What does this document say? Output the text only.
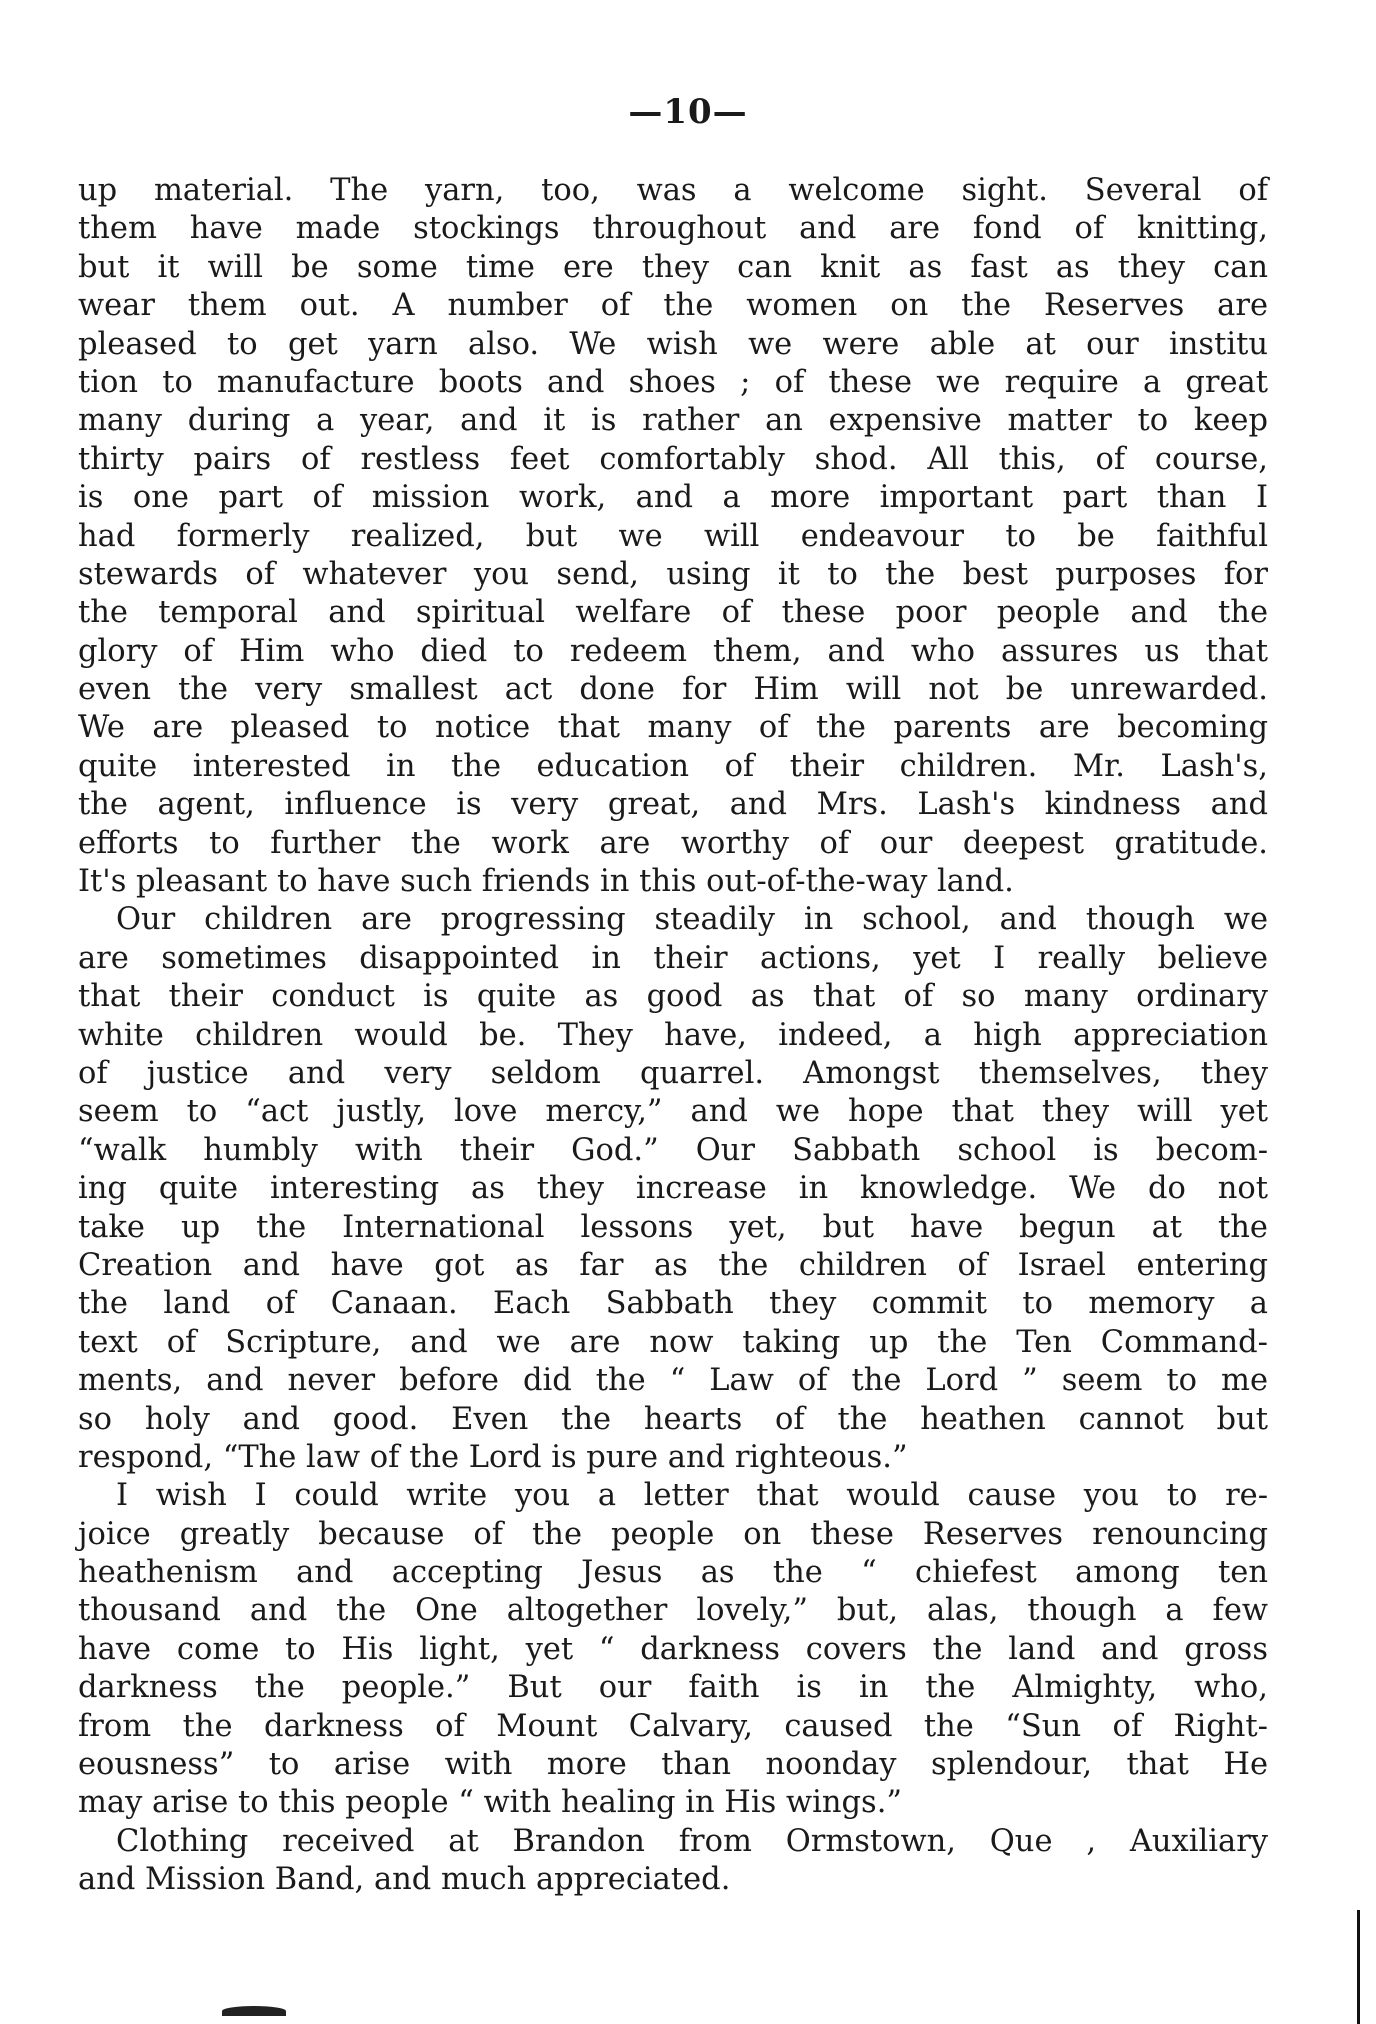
—10—
up material. The yarn, too, was a welcome sight. Several of
them have made stockings throughout and are fond of knitting,
but it will be some time ere they can knit as fast as they can
wear them out. A number of the women on the Reserves are
pleased to get yarn also. We wish we were able at our institu
tion to manufacture boots and shoes ; of these we require a great
many during a year, and it is rather an expensive matter to keep
thirty pairs of restless feet comfortably shod. All this, of course,
is one part of mission work, and a more important part than I
had formerly realized, but we will endeavour to be faithful
stewards of whatever you send, using it to the best purposes for
the temporal and spiritual welfare of these poor people and the
glory of Him who died to redeem them, and who assures us that
even the very smallest act done for Him will not be unrewarded.
We are pleased to notice that many of the parents are becoming
quite interested in the education of their children. Mr. Lash's,
the agent, influence is very great, and Mrs. Lash's kindness and
efforts to further the work are worthy of our deepest gratitude.
It's pleasant to have such friends in this out-of-the-way land.
Our children are progressing steadily in school, and though we
are sometimes disappointed in their actions, yet I really believe
that their conduct is quite as good as that of so many ordinary
white children would be. They have, indeed, a high appreciation
of justice and very seldom quarrel. Amongst themselves, they
seem to “act justly, love mercy,” and we hope that they will yet
“walk humbly with their God.” Our Sabbath school is becom-
ing quite interesting as they increase in knowledge. We do not
take up the International lessons yet, but have begun at the
Creation and have got as far as the children of Israel entering
the land of Canaan. Each Sabbath they commit to memory a
text of Scripture, and we are now taking up the Ten Command-
ments, and never before did the “ Law of the Lord ” seem to me
so holy and good. Even the hearts of the heathen cannot but
respond, “The law of the Lord is pure and righteous.”
I wish I could write you a letter that would cause you to re-
joice greatly because of the people on these Reserves renouncing
heathenism and accepting Jesus as the “ chiefest among ten
thousand and the One altogether lovely,” but, alas, though a few
have come to His light, yet “ darkness covers the land and gross
darkness the people.” But our faith is in the Almighty, who,
from the darkness of Mount Calvary, caused the “Sun of Right-
eousness” to arise with more than noonday splendour, that He
may arise to this people “ with healing in His wings.”
Clothing received at Brandon from Ormstown, Que , Auxiliary
and Mission Band, and much appreciated.
